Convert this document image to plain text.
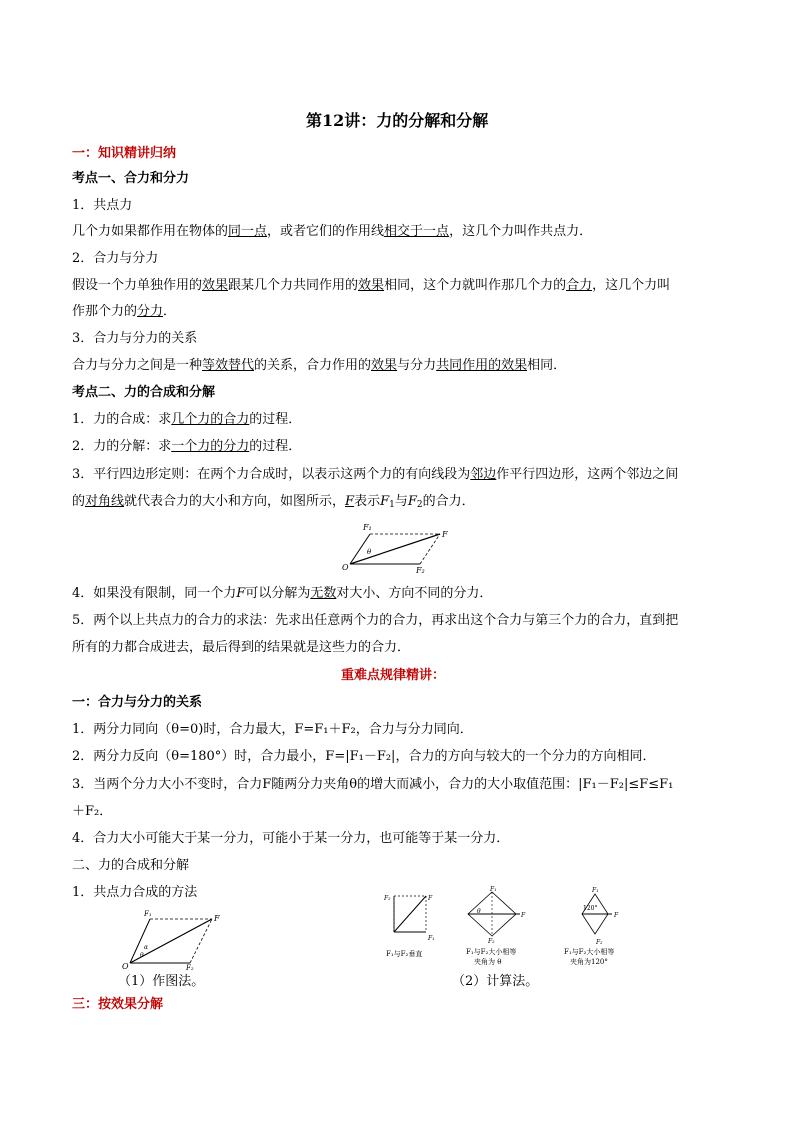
第12讲：力的分解和分解
一：知识精讲归纳
考点一、合力和分力
1．共点力
几个力如果都作用在物体的同一点，或者它们的作用线相交于一点，这几个力叫作共点力．
2．合力与分力
假设一个力单独作用的效果跟某几个力共同作用的效果相同，这个力就叫作那几个力的合力，这几个力叫
作那个力的分力．
3．合力与分力的关系
合力与分力之间是一种等效替代的关系，合力作用的效果与分力共同作用的效果相同．
考点二、力的合成和分解
1．力的合成：求几个力的合力的过程．
2．力的分解：求一个力的分力的过程．
3．平行四边形定则：在两个力合成时，以表示这两个力的有向线段为邻边作平行四边形，这两个邻边之间
的对角线就代表合力的大小和方向，如图所示，F表示$F_1$与$F_2$的合力．
F₁
F
F₂
O
θ
4．如果没有限制，同一个力F可以分解为无数对大小、方向不同的分力．
5．两个以上共点力的合力的求法：先求出任意两个力的合力，再求出这个合力与第三个力的合力，直到把
所有的力都合成进去，最后得到的结果就是这些力的合力．
重难点规律精讲：
一：合力与分力的关系
1．两分力同向（θ=0)时，合力最大，F=F₁＋F₂，合力与分力同向．
2．两分力反向（θ=180°）时，合力最小，F=|F₁－F₂|，合力的方向与较大的一个分力的方向相同．
3．当两个分力大小不变时，合力F随两分力夹角θ的增大而减小，合力的大小取值范围：|F₁－F₂|≤F≤F₁
＋F₂．
4．合力大小可能大于某一分力，可能小于某一分力，也可能等于某一分力．
二、力的合成和分解
1．共点力合成的方法
F₁	F
F₂
O
α
θ
F₂	F
F₁
F₁与F₂垂直
F₁
F₂
F
θ
F₁与F₂大小相等
夹角为 θ
F₁
F₂
F
120°
F₁与F₂大小相等
夹角为120°
（1）作图法。	（2）计算法。
三：按效果分解
